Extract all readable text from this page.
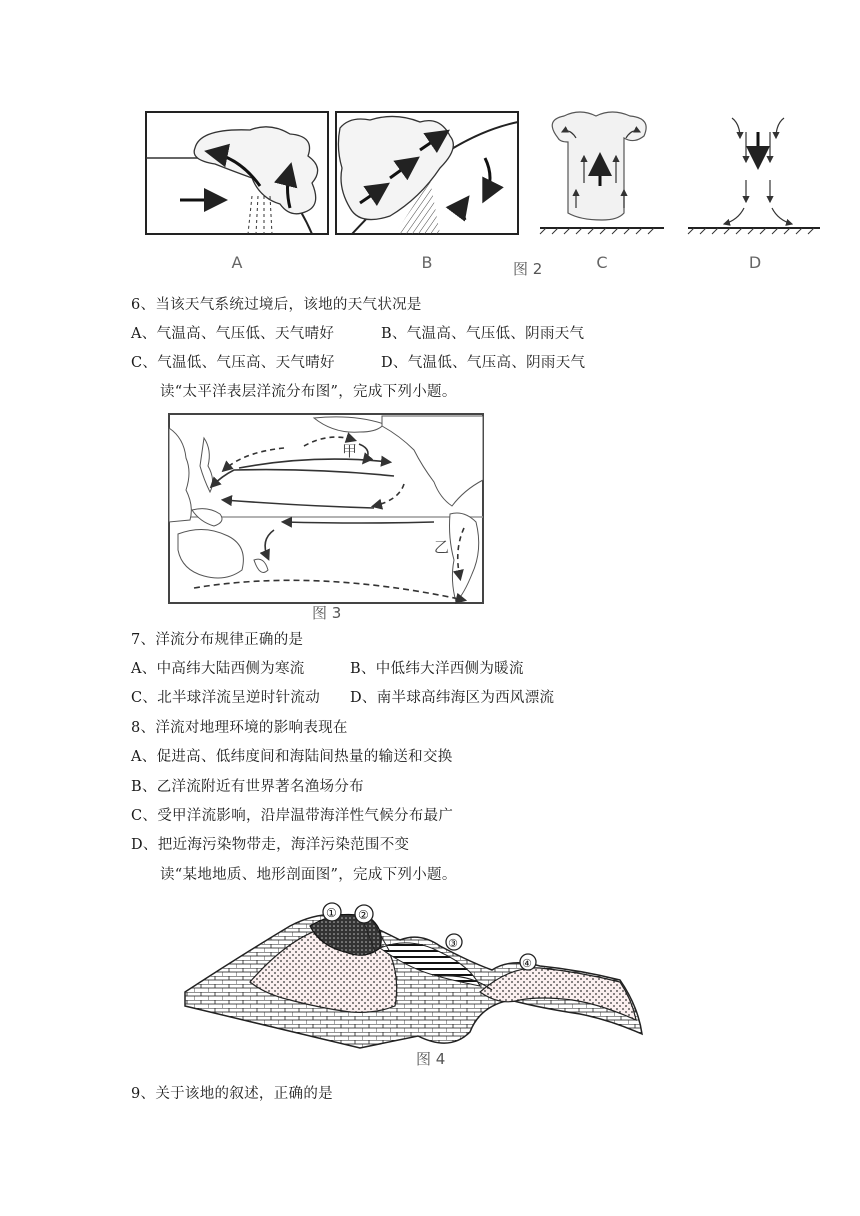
A	B	C	D
图 2
6、当该天气系统过境后，该地的天气状况是
A、气温高、气压低、天气晴好	B、气温高、气压低、阴雨天气
C、气温低、气压高、天气晴好	D、气温低、气压高、阴雨天气
读“太平洋表层洋流分布图”，完成下列小题。
甲
乙
图 3
7、洋流分布规律正确的是
A、中高纬大陆西侧为寒流	B、中低纬大洋西侧为暖流
C、北半球洋流呈逆时针流动 D、南半球高纬海区为西风漂流
8、洋流对地理环境的影响表现在
A、促进高、低纬度间和海陆间热量的输送和交换
B、乙洋流附近有世界著名渔场分布
C、受甲洋流影响，沿岸温带海洋性气候分布最广
D、把近海污染物带走，海洋污染范围不变
读“某地地质、地形剖面图”，完成下列小题。
① ②
③
④
图 4
9、关于该地的叙述，正确的是
